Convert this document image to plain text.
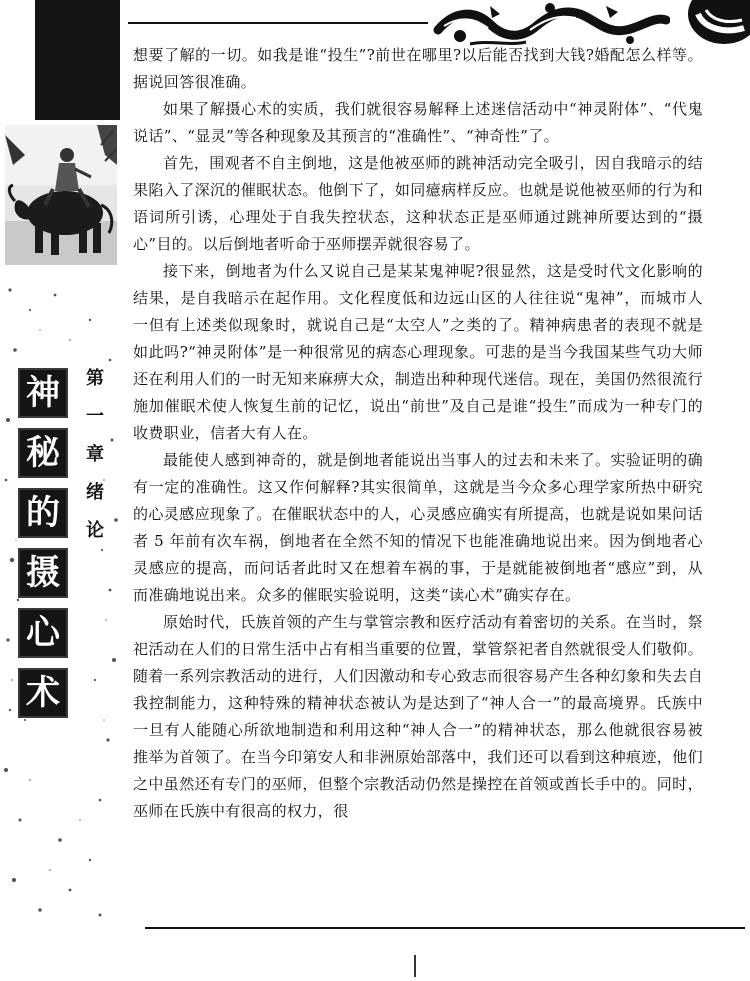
神
秘
的
摄
心
术
第
一
章
绪
论

想要了解的一切。如我是谁“投生”?前世在哪里?以后能否找到大钱?婚配怎么样等。据说回答很准确。

如果了解摄心术的实质，我们就很容易解释上述迷信活动中“神灵附体”、“代鬼说话”、“显灵”等各种现象及其预言的“准确性”、“神奇性”了。

首先，围观者不自主倒地，这是他被巫师的跳神活动完全吸引，因自我暗示的结果陷入了深沉的催眠状态。他倒下了，如同癔病样反应。也就是说他被巫师的行为和语词所引诱，心理处于自我失控状态，这种状态正是巫师通过跳神所要达到的“摄心”目的。以后倒地者听命于巫师摆弄就很容易了。

接下来，倒地者为什么又说自己是某某鬼神呢?很显然，这是受时代文化影响的结果，是自我暗示在起作用。文化程度低和边远山区的人往往说“鬼神”，而城市人一但有上述类似现象时，就说自己是“太空人”之类的了。精神病患者的表现不就是如此吗?“神灵附体”是一种很常见的病态心理现象。可悲的是当今我国某些气功大师还在利用人们的一时无知来麻痹大众，制造出种种现代迷信。现在，美国仍然很流行施加催眠术使人恢复生前的记忆，说出“前世”及自己是谁“投生”而成为一种专门的收费职业，信者大有人在。

最能使人感到神奇的，就是倒地者能说出当事人的过去和未来了。实验证明的确有一定的准确性。这又作何解释?其实很简单，这就是当今众多心理学家所热中研究的心灵感应现象了。在催眠状态中的人，心灵感应确实有所提高，也就是说如果问话者 5 年前有次车祸，倒地者在全然不知的情况下也能准确地说出来。因为倒地者心灵感应的提高，而问话者此时又在想着车祸的事，于是就能被倒地者“感应”到，从而准确地说出来。众多的催眠实验说明，这类“读心术”确实存在。

原始时代，氏族首领的产生与掌管宗教和医疗活动有着密切的关系。在当时，祭祀活动在人们的日常生活中占有相当重要的位置，掌管祭祀者自然就很受人们敬仰。随着一系列宗教活动的进行，人们因激动和专心致志而很容易产生各种幻象和失去自我控制能力，这种特殊的精神状态被认为是达到了“神人合一”的最高境界。氏族中一旦有人能随心所欲地制造和利用这种“神人合一”的精神状态，那么他就很容易被推举为首领了。在当今印第安人和非洲原始部落中，我们还可以看到这种痕迹，他们之中虽然还有专门的巫师，但整个宗教活动仍然是操控在首领或酋长手中的。同时，巫师在氏族中有很高的权力，很
